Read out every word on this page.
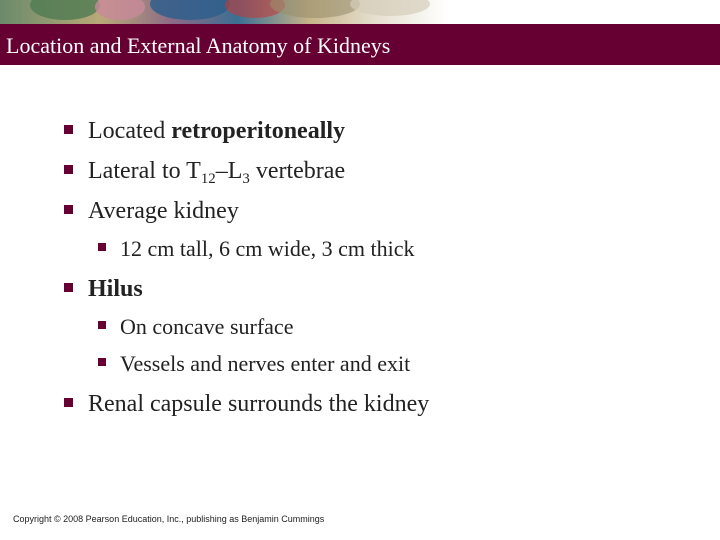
Location and External Anatomy of Kidneys
Located retroperitoneally
Lateral to $T_{12}-L_3$ vertebrae
Average kidney
12 cm tall, 6 cm wide, 3 cm thick
Hilus
On concave surface
Vessels and nerves enter and exit
Renal capsule surrounds the kidney
Copyright © 2008 Pearson Education, Inc., publishing as Benjamin Cummings
